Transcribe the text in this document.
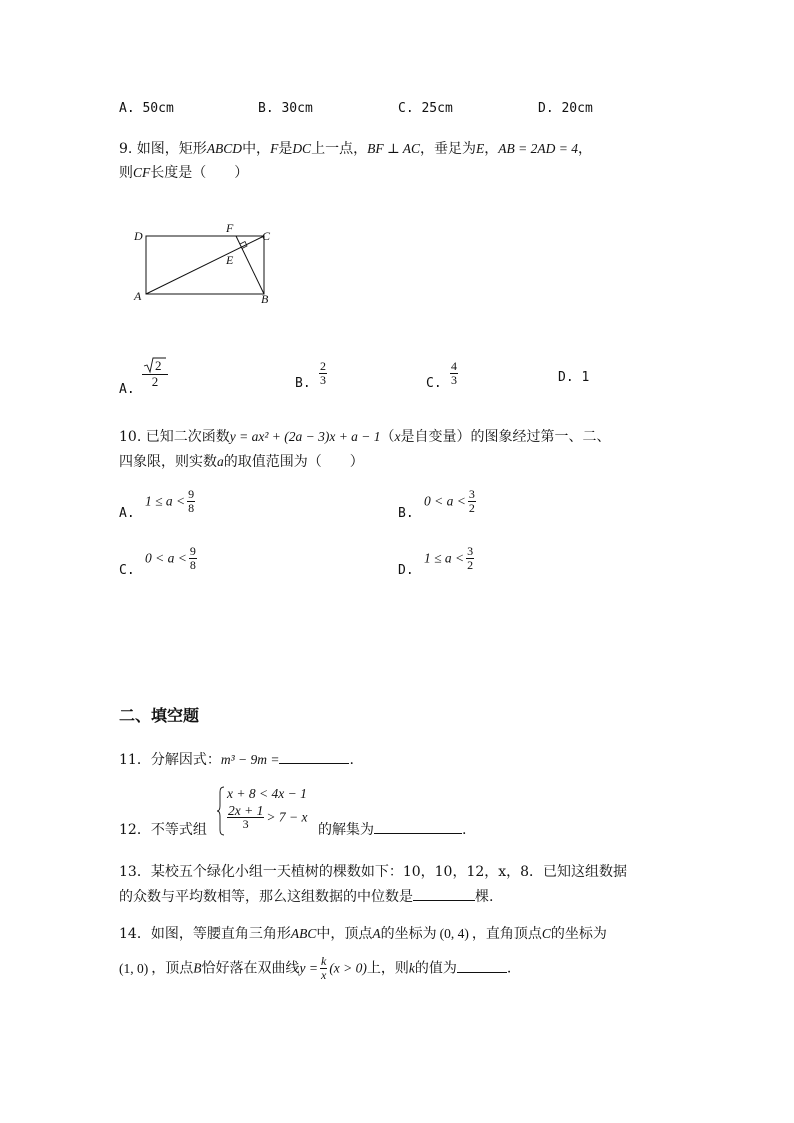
A. 50cm	B. 30cm	C. 25cm	D. 20cm
9. 如图，矩形ABCD中，F是DC上一点，BF ⊥ AC，垂足为E，AB = 2AD = 4，
则CF长度是（　　）
D
F
C
E
A	B
A.
$\frac{2}{2}$	B. $\frac{2}{3}$	C. $\frac{4}{3}$	D. 1
10. 已知二次函数y = ax² + (2a − 3)x + a − 1（x是自变量）的图象经过第一、二、
四象限，则实数a的取值范围为（　　）
A.
$1 \le a < \frac{9}{8}$	B.
$0 < a < \frac{3}{2}$
C.
$0 < a < \frac{9}{8}$	D.
$1 \le a < \frac{3}{2}$
二、填空题
11．分解因式：m³ − 9m =	.
x + 8 < 4x − 1
$\frac{2x + 1}{3} > 7 - x$
12．不等式组	的解集为	.
13．某校五个绿化小组一天植树的棵数如下：10，10，12，x，8．已知这组数据
的众数与平均数相等，那么这组数据的中位数是	棵.
14．如图，等腰直角三角形ABC中，顶点A的坐标为 (0, 4) ，直角顶点C的坐标为
(1, 0) ，顶点B恰好落在双曲线$y = \frac{k}{x} (x > 0)$上，则k的值为	.
